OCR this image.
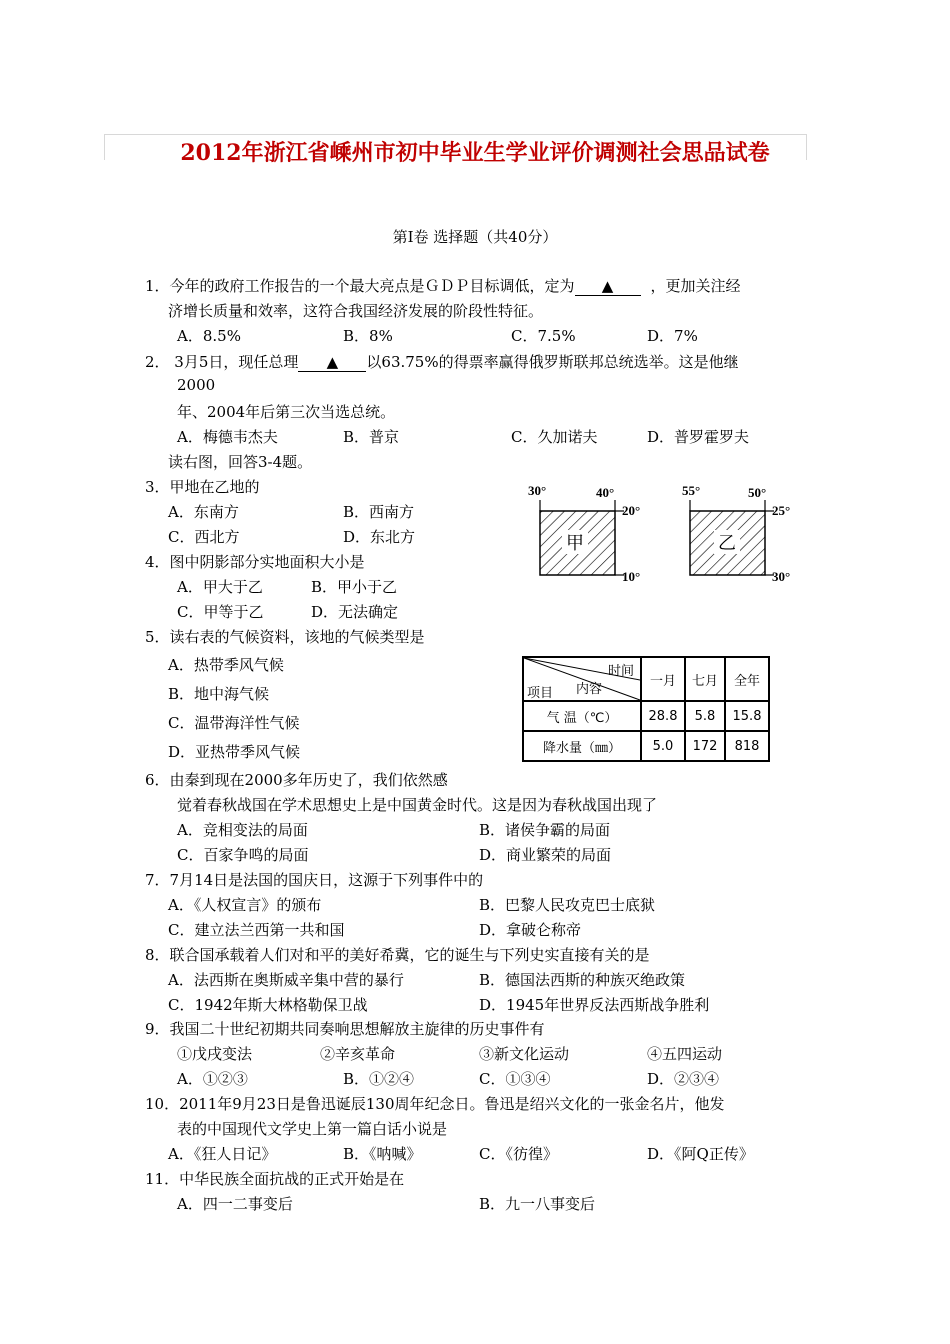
2012年浙江省嵊州市初中毕业生学业评价调测社会思品试卷
第Ⅰ卷 选择题（共40分）
1．今年的政府工作报告的一个最大亮点是ＧＤＰ目标调低，定为 ▲ ，更加关注经
济增长质量和效率，这符合我国经济发展的阶段性特征。
A．8.5%	B．8%	C．7.5%	D．7%
2． 3月5日，现任总理 ▲ 以63.75%的得票率赢得俄罗斯联邦总统选举。这是他继
2000
年、2004年后第三次当选总统。
A．梅德韦杰夫	B．普京	C．久加诺夫	D．普罗霍罗夫
读右图，回答3-4题。
3．甲地在乙地的
A．东南方	B．西南方
C．西北方	D．东北方
4．图中阴影部分实地面积大小是
A．甲大于乙	B．甲小于乙
C．甲等于乙	D．无法确定
甲
30°	40°
20°
10°
乙
55°	50°
25°
30°
5．读右表的气候资料，该地的气候类型是
A．热带季风气候
B．地中海气候
C．温带海洋性气候
D．亚热带季风气候
时间
内容
项目	一月	七月	全年
气 温（℃）	28.8	5.8	15.8
降水量（㎜）	5.0	172	818
6．由秦到现在2000多年历史了，我们依然感
觉着春秋战国在学术思想史上是中国黄金时代。这是因为春秋战国出现了
A．竞相变法的局面	B．诸侯争霸的局面
C．百家争鸣的局面	D．商业繁荣的局面
7．7月14日是法国的国庆日，这源于下列事件中的
A．《人权宣言》的颁布	B．巴黎人民攻克巴士底狱
C．建立法兰西第一共和国	D．拿破仑称帝
8．联合国承载着人们对和平的美好希冀，它的诞生与下列史实直接有关的是
A．法西斯在奥斯威辛集中营的暴行	B．德国法西斯的种族灭绝政策
C．1942年斯大林格勒保卫战	D．1945年世界反法西斯战争胜利
9．我国二十世纪初期共同奏响思想解放主旋律的历史事件有
①戊戌变法	②辛亥革命	③新文化运动	④五四运动
A．①②③	B．①②④	C．①③④	D．②③④
10．2011年9月23日是鲁迅诞辰130周年纪念日。鲁迅是绍兴文化的一张金名片，他发
表的中国现代文学史上第一篇白话小说是
A．《狂人日记》	B．《呐喊》	C．《彷徨》	D．《阿Q正传》
11．中华民族全面抗战的正式开始是在
A．四一二事变后	B．九一八事变后
